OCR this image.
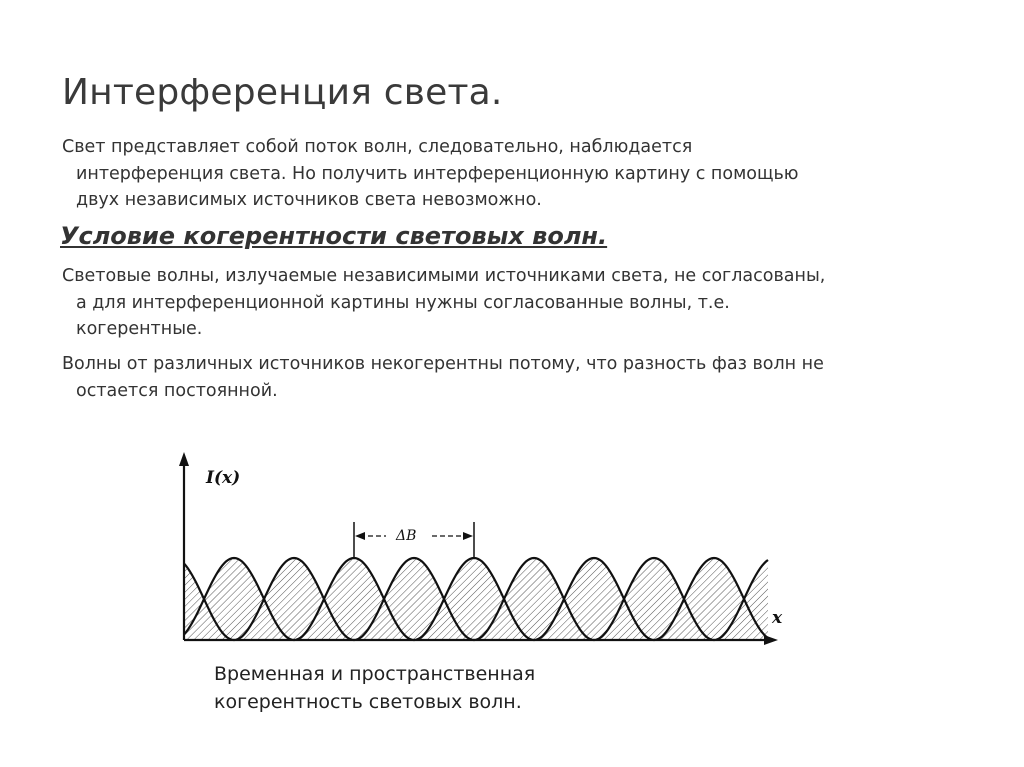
Интерференция света.

Свет представляет собой поток волн, следовательно, наблюдается
интерференция света. Но получить интерференционную картину с помощью
двух независимых источников света невозможно.

Условие когерентности световых волн.

Световые волны, излучаемые независимыми источниками света, не согласованы,
а для интерференционной картины нужны согласованные волны, т.е.
когерентные.

Волны от различных источников некогерентны потому, что разность фаз волн не
остается постоянной.

I(x)
x
ΔB
Временная и пространственная
когерентность световых волн.
